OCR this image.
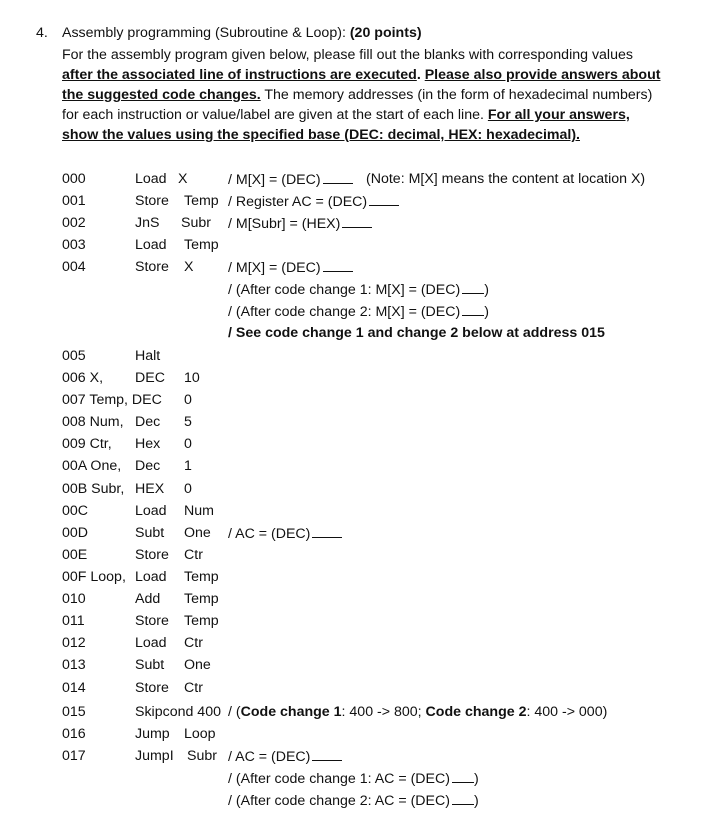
4. Assembly programming (Subroutine & Loop): (20 points)
For the assembly program given below, please fill out the blanks with corresponding values
after the associated line of instructions are executed. Please also provide answers about
the suggested code changes. The memory addresses (in the form of hexadecimal numbers)
for each instruction or value/label are given at the start of each line. For all your answers,
show the values using the specified base (DEC: decimal, HEX: hexadecimal).
000	Load X	/ M[X] = (DEC)	(Note: M[X] means the content at location X)
001	Store Temp / Register AC = (DEC)
002	JnS Subr / M[Subr] = (HEX)
003	Load Temp
004	Store X / M[X] = (DEC)
/ (After code change 1: M[X] = (DEC) )
/ (After code change 2: M[X] = (DEC) )
/ See code change 1 and change 2 below at address 015
005	Halt
006 X, DEC 10
007 Temp, DEC 0
008 Num, Dec 5
009 Ctr, Hex 0
00A One, Dec 1
00B Subr, HEX 0
00C	Load Num
00D	Subt One / AC = (DEC)
00E	Store Ctr
00F Loop, Load Temp
010	Add Temp
011	Store Temp
012	Load Ctr
013	Subt One
014	Store Ctr
015	Skipcond 400 / (Code change 1: 400 -> 800; Code change 2: 400 -> 000)
016	Jump Loop
017	JumpI Subr / AC = (DEC)
/ (After code change 1: AC = (DEC) )
/ (After code change 2: AC = (DEC) )
